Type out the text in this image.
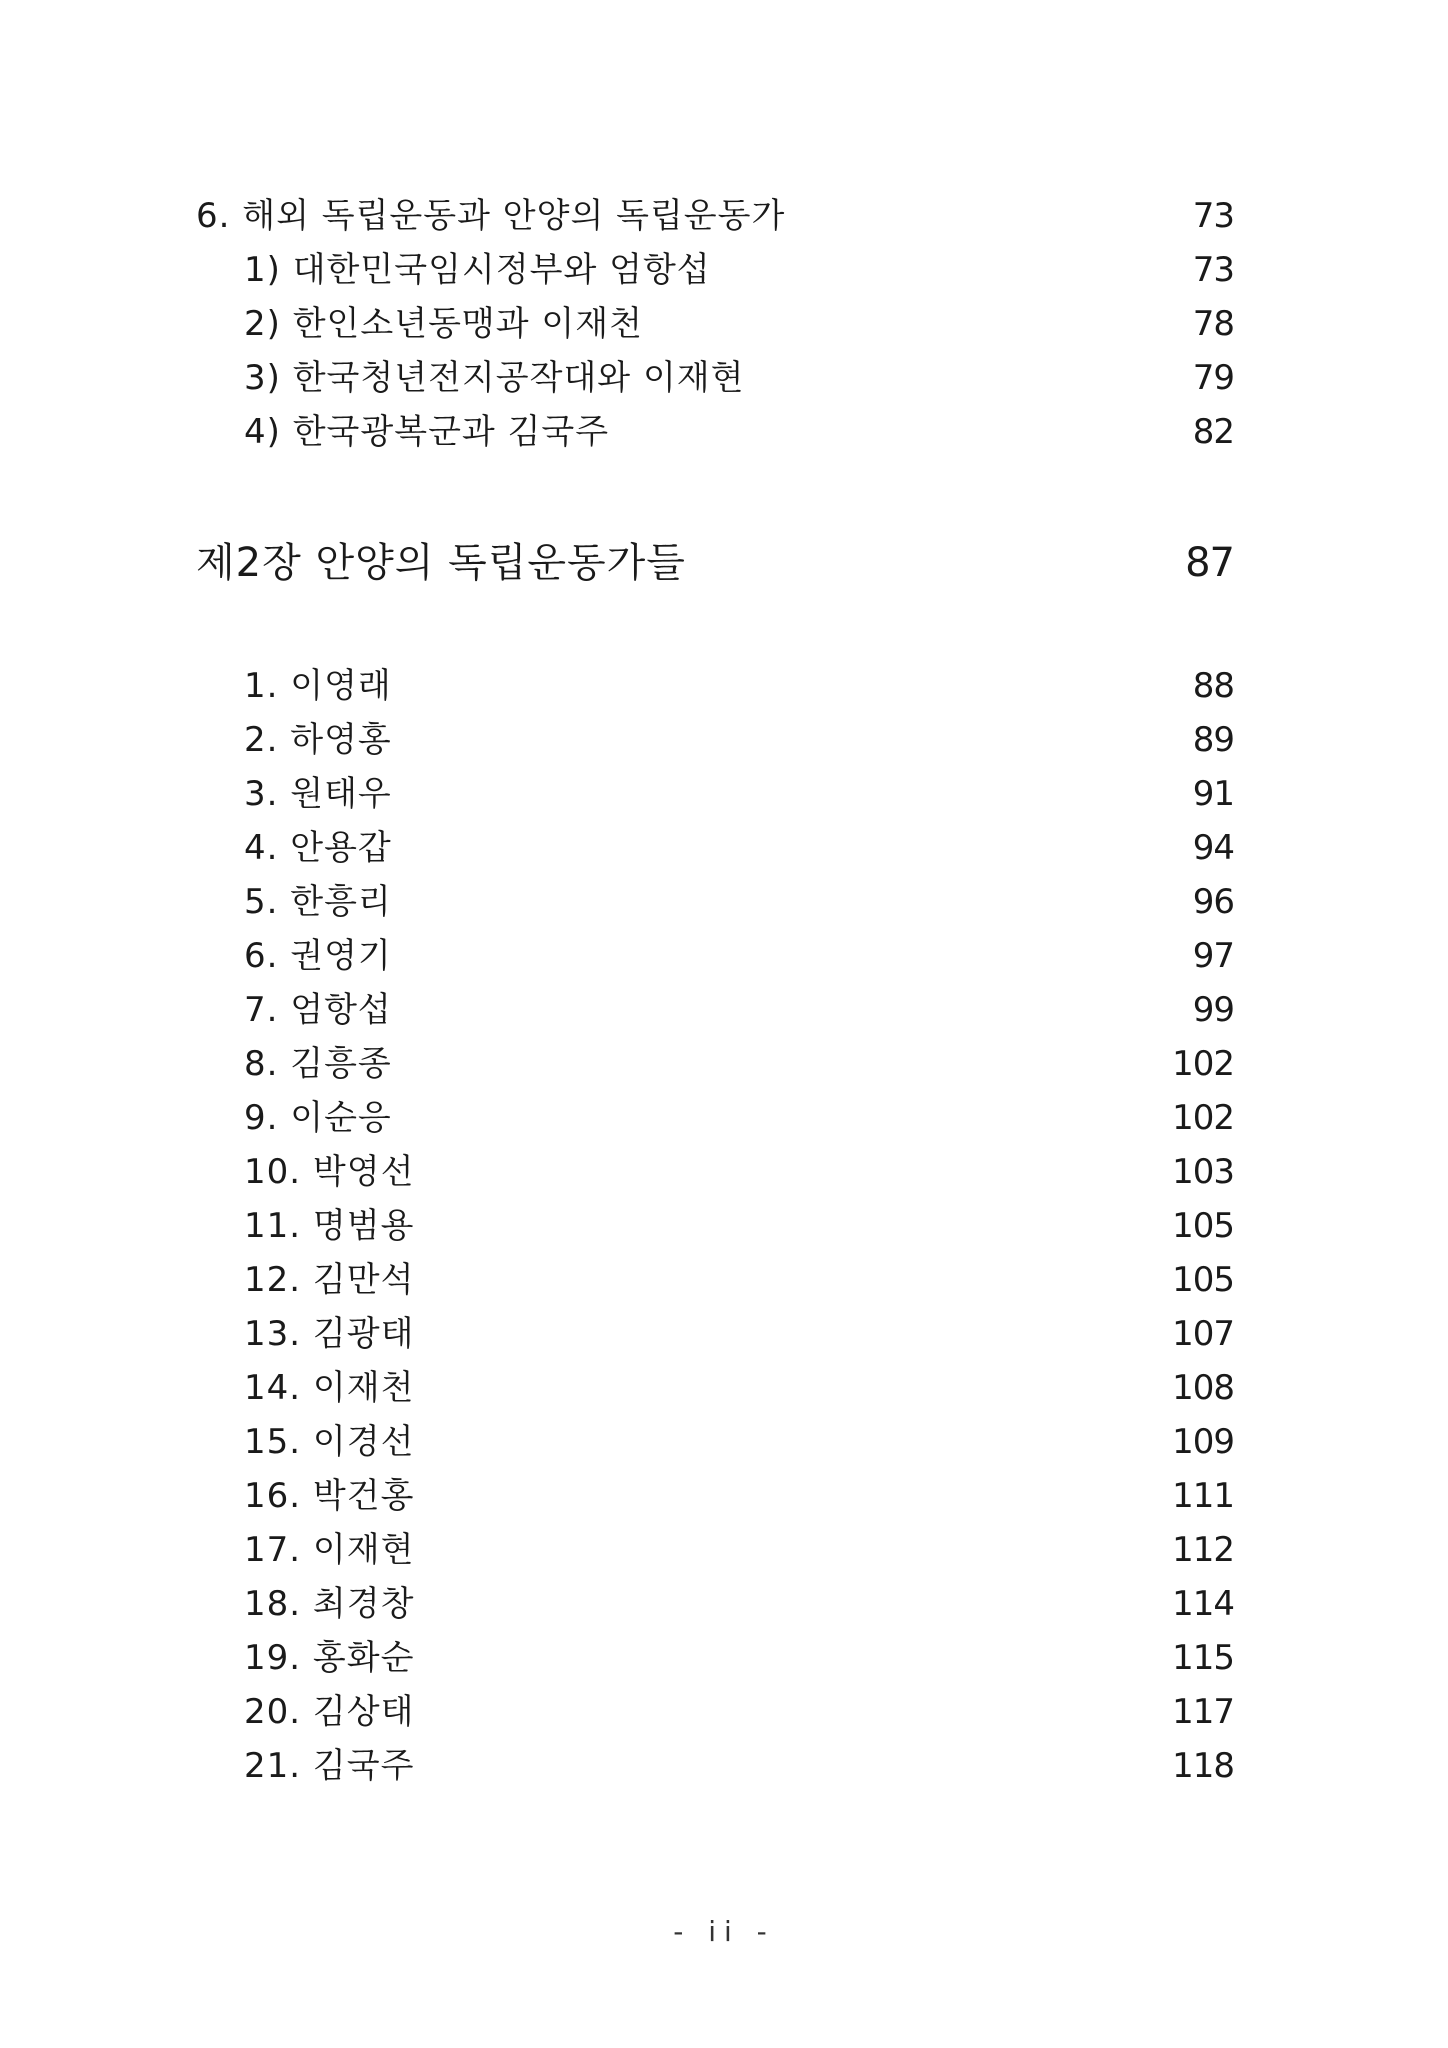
6. 해외 독립운동과 안양의 독립운동가	73
1) 대한민국임시정부와 엄항섭	73
2) 한인소년동맹과 이재천	78
3) 한국청년전지공작대와 이재현	79
4) 한국광복군과 김국주	82
제2장 안양의 독립운동가들	87
1. 이영래	88
2. 하영홍	89
3. 원태우	91
4. 안용갑	94
5. 한흥리	96
6. 권영기	97
7. 엄항섭	99
8. 김흥종	102
9. 이순응	102
10. 박영선	103
11. 명범용	105
12. 김만석	105
13. 김광태	107
14. 이재천	108
15. 이경선	109
16. 박건홍	111
17. 이재현	112
18. 최경창	114
19. 홍화순	115
20. 김상태	117
21. 김국주	118
- ii -
